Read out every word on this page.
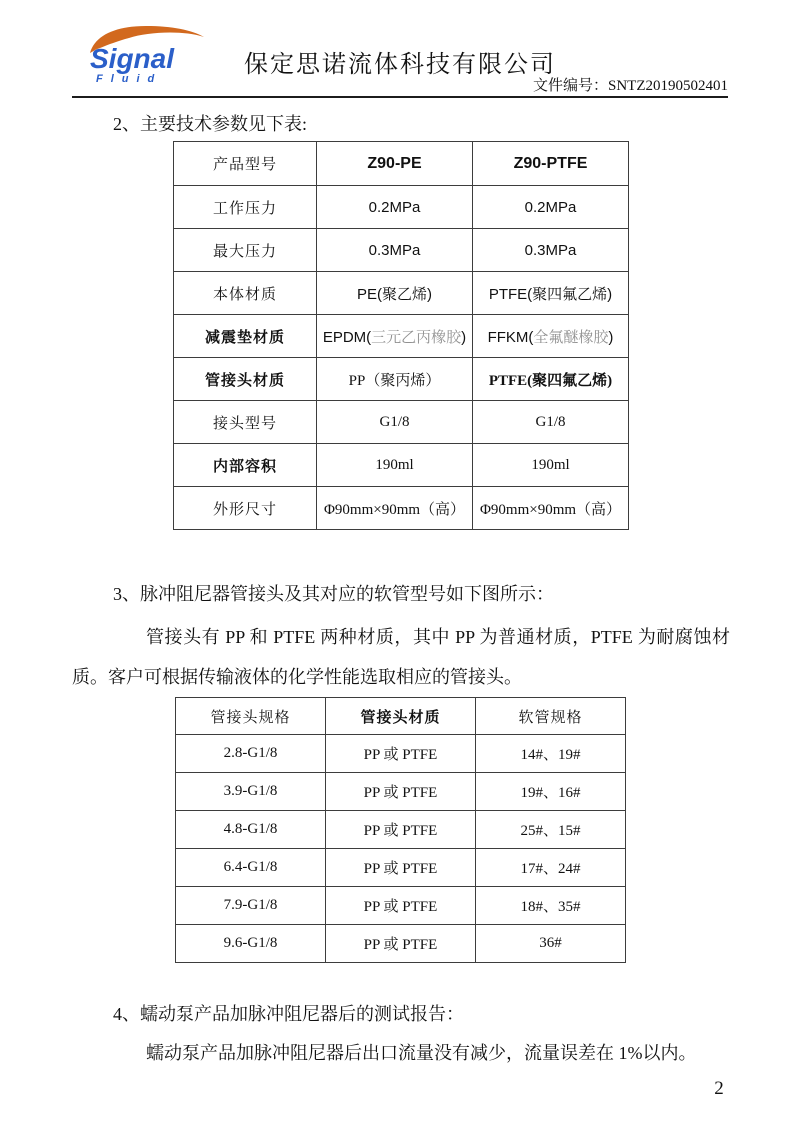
Signal
Fluid
保定思诺流体科技有限公司
文件编号：SNTZ20190502401
2、主要技术参数见下表:
产品型号	Z90-PE	Z90-PTFE
工作压力	0.2MPa	0.2MPa
最大压力	0.3MPa	0.3MPa
本体材质	PE(聚乙烯)	PTFE(聚四氟乙烯)
减震垫材质	EPDM(三元乙丙橡胶)	FFKM(全氟醚橡胶)
管接头材质	PP（聚丙烯）	PTFE(聚四氟乙烯)
接头型号	G1/8	G1/8
内部容积	190ml	190ml
外形尺寸	Φ90mm×90mm（高）	Φ90mm×90mm（高）
3、脉冲阻尼器管接头及其对应的软管型号如下图所示：
管接头有 PP 和 PTFE 两种材质，其中 PP 为普通材质，PTFE 为耐腐蚀材质。客户可根据传输液体的化学性能选取相应的管接头。
管接头规格	管接头材质	软管规格
2.8-G1/8	PP 或 PTFE	14#、19#
3.9-G1/8	PP 或 PTFE	19#、16#
4.8-G1/8	PP 或 PTFE	25#、15#
6.4-G1/8	PP 或 PTFE	17#、24#
7.9-G1/8	PP 或 PTFE	18#、35#
9.6-G1/8	PP 或 PTFE	36#
4、蠕动泵产品加脉冲阻尼器后的测试报告：
蠕动泵产品加脉冲阻尼器后出口流量没有减少，流量误差在 1%以内。
2
